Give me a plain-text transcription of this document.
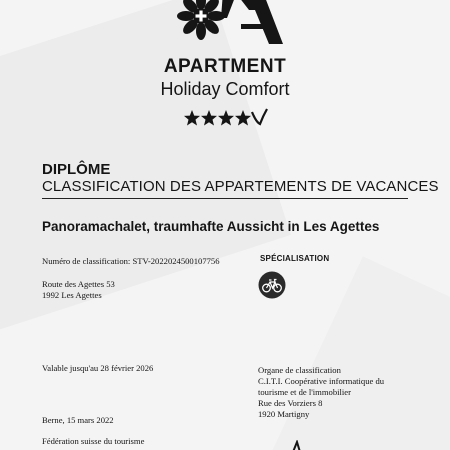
APARTMENT
Holiday Comfort
DIPLÔME
CLASSIFICATION DES APPARTEMENTS DE VACANCES
Panoramachalet, traumhafte Aussicht in Les Agettes
Numéro de classification: STV-2022024500107756
Route des Agettes 53
1992 Les Agettes
SPÉCIALISATION
Valable jusqu'au 28 février 2026	Organe de classification
C.I.T.I. Coopérative informatique du
tourisme et de l'immobilier
Rue des Vorziers 8
1920 Martigny
Berne, 15 mars 2022
Fédération suisse du tourisme
